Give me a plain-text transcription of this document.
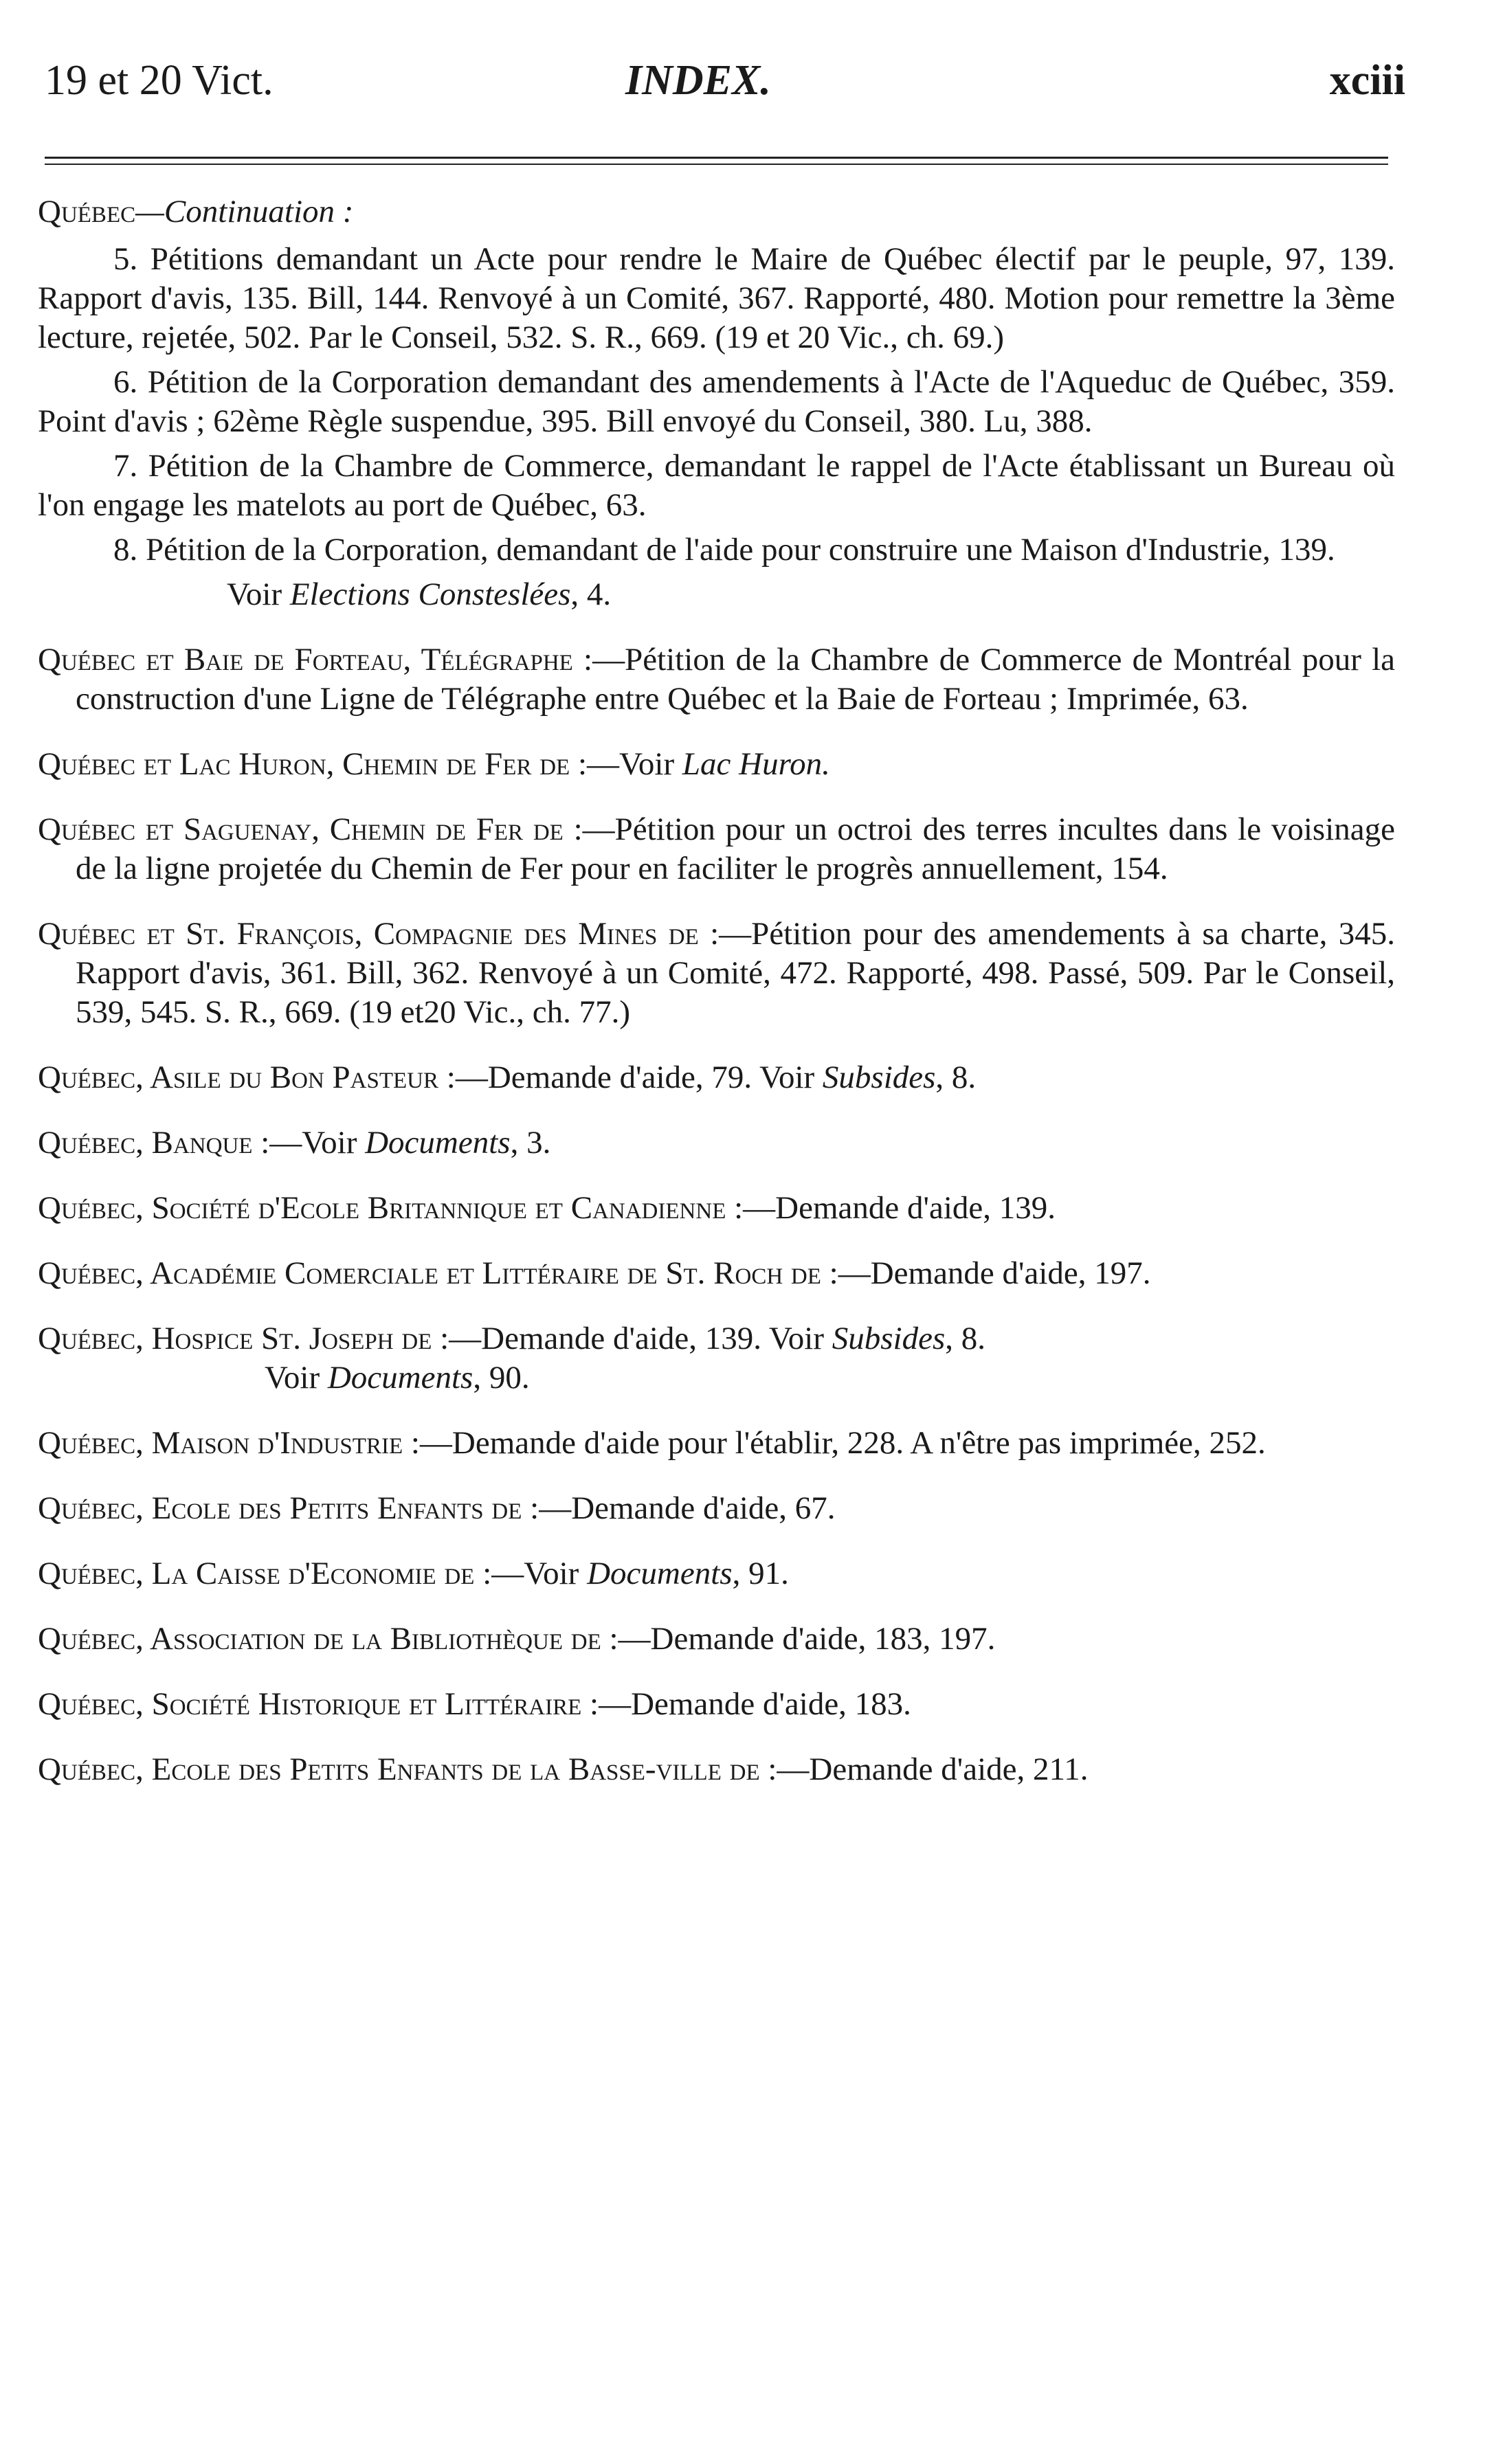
19 et 20 Vict.	INDEX.	xciii
Québec—Continuation :

5. Pétitions demandant un Acte pour rendre le Maire de Québec électif par le peuple, 97, 139. Rapport d'avis, 135. Bill, 144. Renvoyé à un Comité, 367. Rapporté, 480. Motion pour remettre la 3ème lecture, rejetée, 502. Par le Conseil, 532. S. R., 669. (19 et 20 Vic., ch. 69.)

6. Pétition de la Corporation demandant des amendements à l'Acte de l'Aqueduc de Québec, 359. Point d'avis ; 62ème Règle suspendue, 395. Bill envoyé du Conseil, 380. Lu, 388.

7. Pétition de la Chambre de Commerce, demandant le rappel de l'Acte établissant un Bureau où l'on engage les matelots au port de Québec, 63.

8. Pétition de la Corporation, demandant de l'aide pour construire une Maison d'Industrie, 139.

Voir Elections Consteslées, 4.

Québec et Baie de Forteau, Télégraphe :—Pétition de la Chambre de Commerce de Montréal pour la construction d'une Ligne de Télégraphe entre Québec et la Baie de Forteau ; Imprimée, 63.

Québec et Lac Huron, Chemin de Fer de :—Voir Lac Huron.

Québec et Saguenay, Chemin de Fer de :—Pétition pour un octroi des terres incultes dans le voisinage de la ligne projetée du Chemin de Fer pour en faciliter le progrès annuellement, 154.

Québec et St. François, Compagnie des Mines de :—Pétition pour des amendements à sa charte, 345. Rapport d'avis, 361. Bill, 362. Renvoyé à un Comité, 472. Rapporté, 498. Passé, 509. Par le Conseil, 539, 545. S. R., 669. (19 et20 Vic., ch. 77.)

Québec, Asile du Bon Pasteur :—Demande d'aide, 79. Voir Subsides, 8.

Québec, Banque :—Voir Documents, 3.

Québec, Société d'Ecole Britannique et Canadienne :—Demande d'aide, 139.

Québec, Académie Comerciale et Littéraire de St. Roch de :—Demande d'aide, 197.

Québec, Hospice St. Joseph de :—Demande d'aide, 139. Voir Subsides, 8.
Voir Documents, 90.

Québec, Maison d'Industrie :—Demande d'aide pour l'établir, 228. A n'être pas imprimée, 252.

Québec, Ecole des Petits Enfants de :—Demande d'aide, 67.

Québec, La Caisse d'Economie de :—Voir Documents, 91.

Québec, Association de la Bibliothèque de :—Demande d'aide, 183, 197.

Québec, Société Historique et Littéraire :—Demande d'aide, 183.

Québec, Ecole des Petits Enfants de la Basse-ville de :—Demande d'aide, 211.
